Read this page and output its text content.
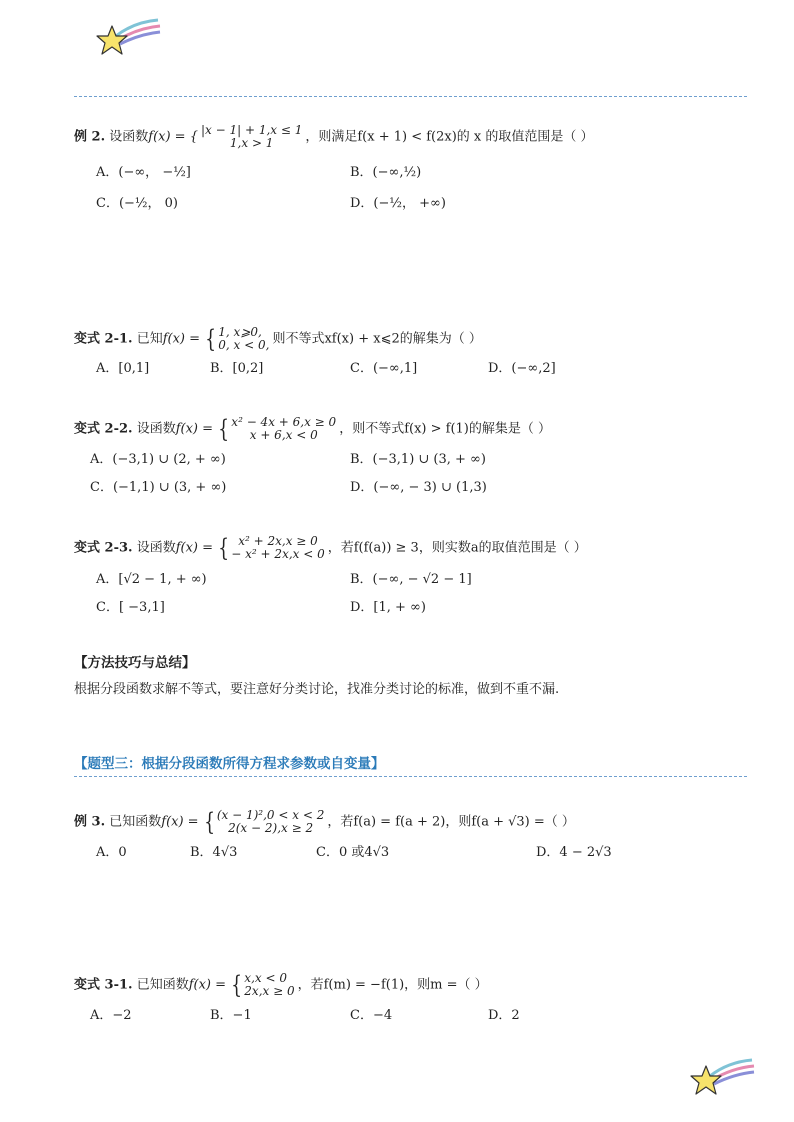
例 2. 设函数f(x) = { |x − 1| + 1,x ≤ 1
1,x > 1	，则满足f(x + 1) < f(2x)的 x 的取值范围是（ ）
A．(−∞， −½]	B．(−∞,½)
C．(−½， 0)	D．(−½， +∞)
变式 2-1. 已知f(x) = { 1, x⩾0,
0, x < 0, 则不等式xf(x) + x⩽2的解集为（ ）
A．[0,1]	B．[0,2]	C．(−∞,1]	D．(−∞,2]
变式 2-2. 设函数f(x) = { x² − 4x + 6,x ≥ 0
x + 6,x < 0	，则不等式f(x) > f(1)的解集是（ ）
A．(−3,1) ∪ (2, + ∞)	B．(−3,1) ∪ (3, + ∞)
C．(−1,1) ∪ (3, + ∞)	D．(−∞, − 3) ∪ (1,3)
变式 2-3. 设函数f(x) = { x² + 2x,x ≥ 0
− x² + 2x,x < 0 ，若f(f(a)) ≥ 3，则实数a的取值范围是（ ）
A．[√2 − 1, + ∞)	B．(−∞, − √2 − 1]
C．[ −3,1]	D．[1, + ∞)
【方法技巧与总结】
根据分段函数求解不等式，要注意好分类讨论，找准分类讨论的标准，做到不重不漏.
【题型三：根据分段函数所得方程求参数或自变量】
例 3. 已知函数f(x) = { (x − 1)²,0 < x < 2
2(x − 2),x ≥ 2	，若f(a) = f(a + 2)，则f(a + √3) =（ ）
A．0	B．4√3	C．0 或4√3	D．4 − 2√3
变式 3-1. 已知函数f(x) = { x,x < 0
2x,x ≥ 0 ，若f(m) = −f(1)，则m =（ ）
A．−2	B．−1	C．−4	D．2
